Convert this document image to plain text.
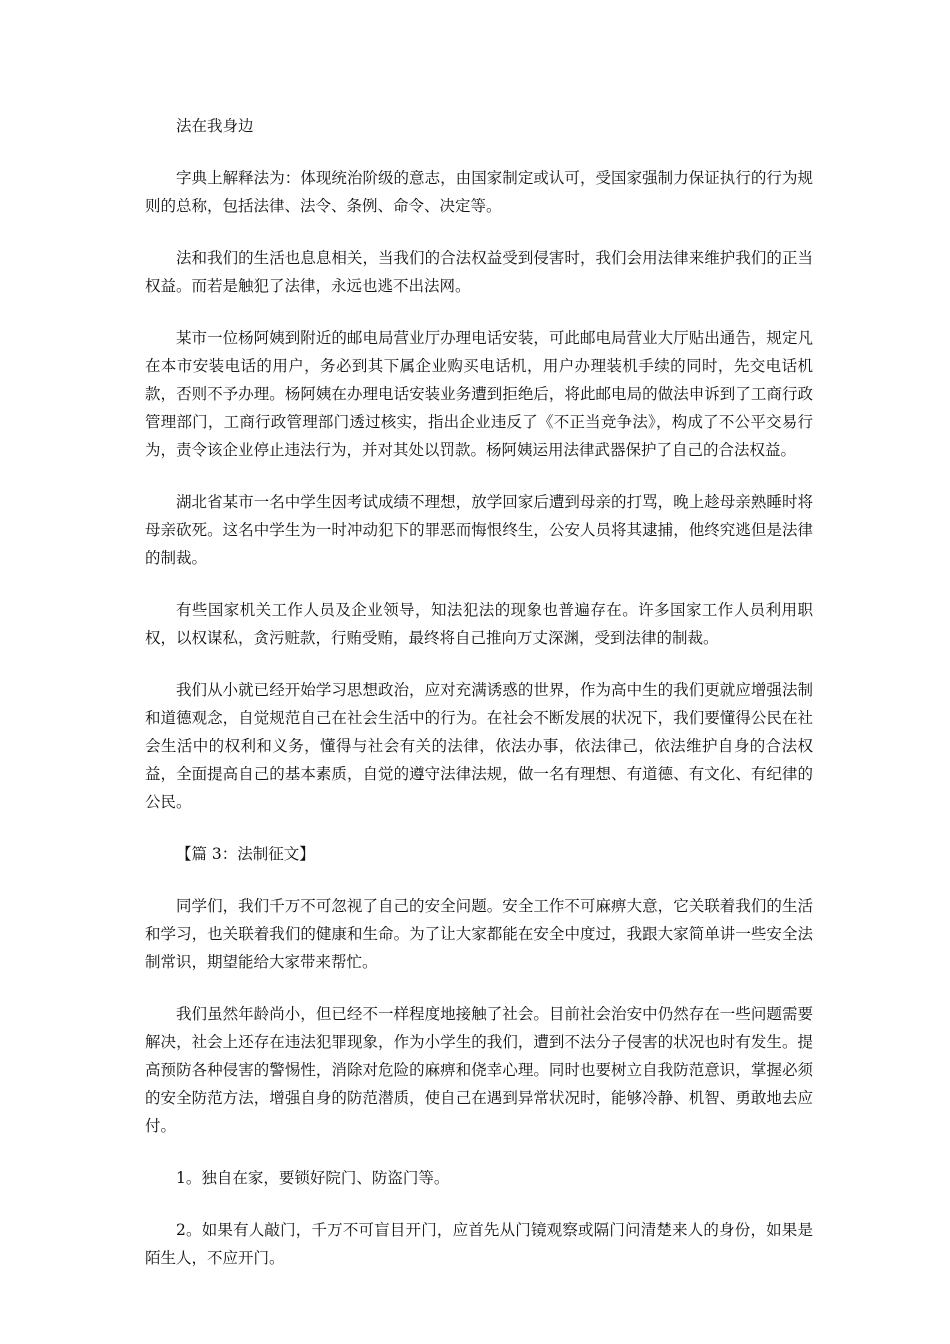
法在我身边

字典上解释法为：体现统治阶级的意志，由国家制定或认可，受国家强制力保证执行的行为规则的总称，包括法律、法令、条例、命令、决定等。

法和我们的生活也息息相关，当我们的合法权益受到侵害时，我们会用法律来维护我们的正当权益。而若是触犯了法律，永远也逃不出法网。

某市一位杨阿姨到附近的邮电局营业厅办理电话安装，可此邮电局营业大厅贴出通告，规定凡在本市安装电话的用户，务必到其下属企业购买电话机，用户办理装机手续的同时，先交电话机款，否则不予办理。杨阿姨在办理电话安装业务遭到拒绝后，将此邮电局的做法申诉到了工商行政管理部门，工商行政管理部门透过核实，指出企业违反了《不正当竞争法》，构成了不公平交易行为，责令该企业停止违法行为，并对其处以罚款。杨阿姨运用法律武器保护了自己的合法权益。

湖北省某市一名中学生因考试成绩不理想，放学回家后遭到母亲的打骂，晚上趁母亲熟睡时将母亲砍死。这名中学生为一时冲动犯下的罪恶而悔恨终生，公安人员将其逮捕，他终究逃但是法律的制裁。

有些国家机关工作人员及企业领导，知法犯法的现象也普遍存在。许多国家工作人员利用职权，以权谋私，贪污赃款，行贿受贿，最终将自己推向万丈深渊，受到法律的制裁。

我们从小就已经开始学习思想政治，应对充满诱惑的世界，作为高中生的我们更就应增强法制和道德观念，自觉规范自己在社会生活中的行为。在社会不断发展的状况下，我们要懂得公民在社会生活中的权利和义务，懂得与社会有关的法律，依法办事，依法律己，依法维护自身的合法权益，全面提高自己的基本素质，自觉的遵守法律法规，做一名有理想、有道德、有文化、有纪律的公民。

【篇 3：法制征文】

同学们，我们千万不可忽视了自己的安全问题。安全工作不可麻痹大意，它关联着我们的生活和学习，也关联着我们的健康和生命。为了让大家都能在安全中度过，我跟大家简单讲一些安全法制常识，期望能给大家带来帮忙。

我们虽然年龄尚小，但已经不一样程度地接触了社会。目前社会治安中仍然存在一些问题需要解决，社会上还存在违法犯罪现象，作为小学生的我们，遭到不法分子侵害的状况也时有发生。提高预防各种侵害的警惕性，消除对危险的麻痹和侥幸心理。同时也要树立自我防范意识，掌握必须的安全防范方法，增强自身的防范潜质，使自己在遇到异常状况时，能够冷静、机智、勇敢地去应付。

1。独自在家，要锁好院门、防盗门等。

2。如果有人敲门，千万不可盲目开门，应首先从门镜观察或隔门问清楚来人的身份，如果是陌生人，不应开门。
